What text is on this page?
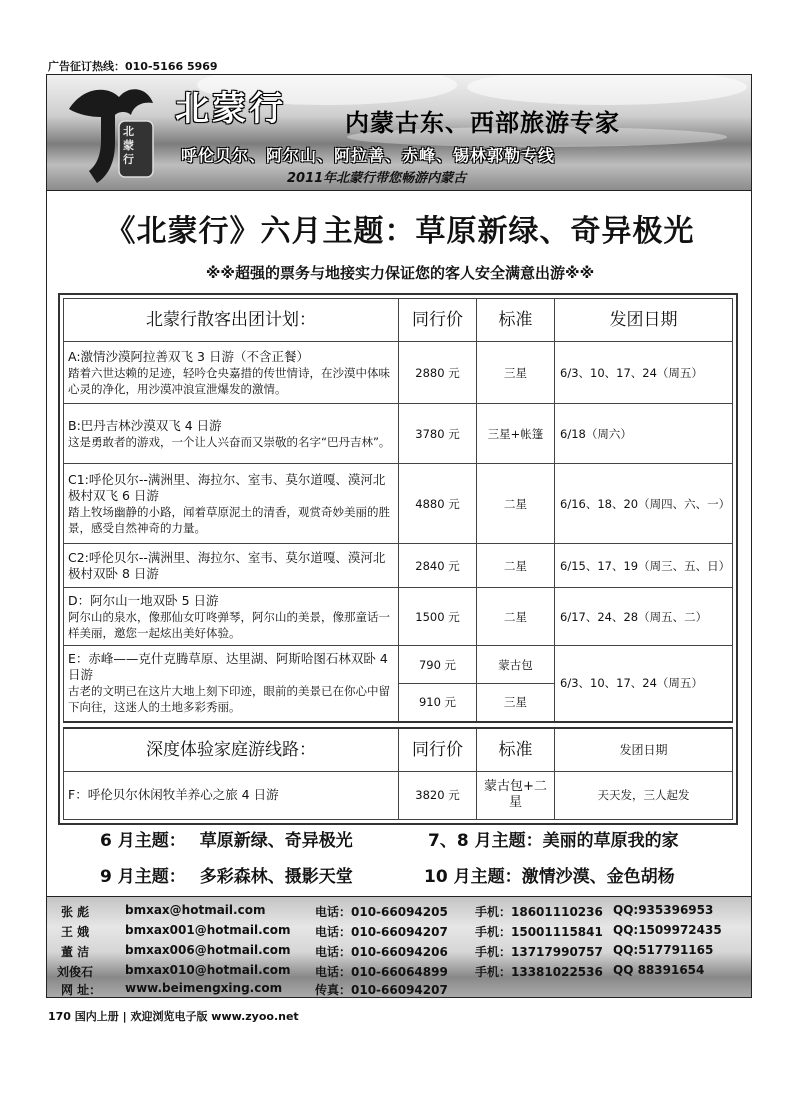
广告征订热线：010-5166 5969
北蒙行
北蒙行 内蒙古东、西部旅游专家
呼伦贝尔、阿尔山、阿拉善、赤峰、锡林郭勒专线
2011年北蒙行带您畅游内蒙古
《北蒙行》六月主题：草原新绿、奇异极光
※※超强的票务与地接实力保证您的客人安全满意出游※※
北蒙行散客出团计划：	同行价	标准	发团日期

A:激情沙漠阿拉善双飞 3 日游（不含正餐）
踏着六世达赖的足迹，轻吟仓央嘉措的传世情诗，在沙漠中体味心灵的净化，用沙漠冲浪宣泄爆发的激情。	2880 元	三星	6/3、10、17、24（周五）

B:巴丹吉林沙漠双飞 4 日游
这是勇敢者的游戏，一个让人兴奋而又崇敬的名字“巴丹吉林”。	3780 元	三星+帐篷	6/18（周六）

C1:呼伦贝尔--满洲里、海拉尔、室韦、莫尔道嘎、漠河北极村双飞 6 日游
踏上牧场幽静的小路，闻着草原泥土的清香，观赏奇妙美丽的胜景，感受自然神奇的力量。	4880 元	二星	6/16、18、20（周四、六、一）

C2:呼伦贝尔--满洲里、海拉尔、室韦、莫尔道嘎、漠河北极村双卧 8 日游	2840 元	二星	6/15、17、19（周三、五、日）

D：阿尔山一地双卧 5 日游
阿尔山的泉水，像那仙女叮咚弹琴，阿尔山的美景，像那童话一样美丽，邀您一起炫出美好体验。	1500 元	二星	6/17、24、28（周五、二）

E：赤峰——克什克腾草原、达里湖、阿斯哈图石林双卧 4 日游
古老的文明已在这片大地上刻下印迹，眼前的美景已在你心中留下向往，这迷人的土地多彩秀丽。	790 元	蒙古包	6/3、10、17、24（周五）
	910 元	三星	

深度体验家庭游线路：	同行价	标准	发团日期

F：呼伦贝尔休闲牧羊养心之旅 4 日游	3820 元	蒙古包+二星	天天发，三人起发
6 月主题： 草原新绿、奇异极光	7、8 月主题：美丽的草原我的家
9 月主题： 多彩森林、摄影天堂	10 月主题：激情沙漠、金色胡杨
张 彪	bmxax@hotmail.com	电话：010-66094205 手机：18601110236 QQ:935396953
王 娥	bmxax001@hotmail.com 电话：010-66094207 手机：15001115841 QQ:1509972435
董 洁	bmxax006@hotmail.com 电话：010-66094206 手机：13717990757 QQ:517791165
刘俊石	bmxax010@hotmail.com 电话：010-66064899 手机：13381022536 QQ 88391654
网 址： www.beimengxing.com	传真：010-66094207
170 国内上册 | 欢迎浏览电子版 www.zyoo.net
